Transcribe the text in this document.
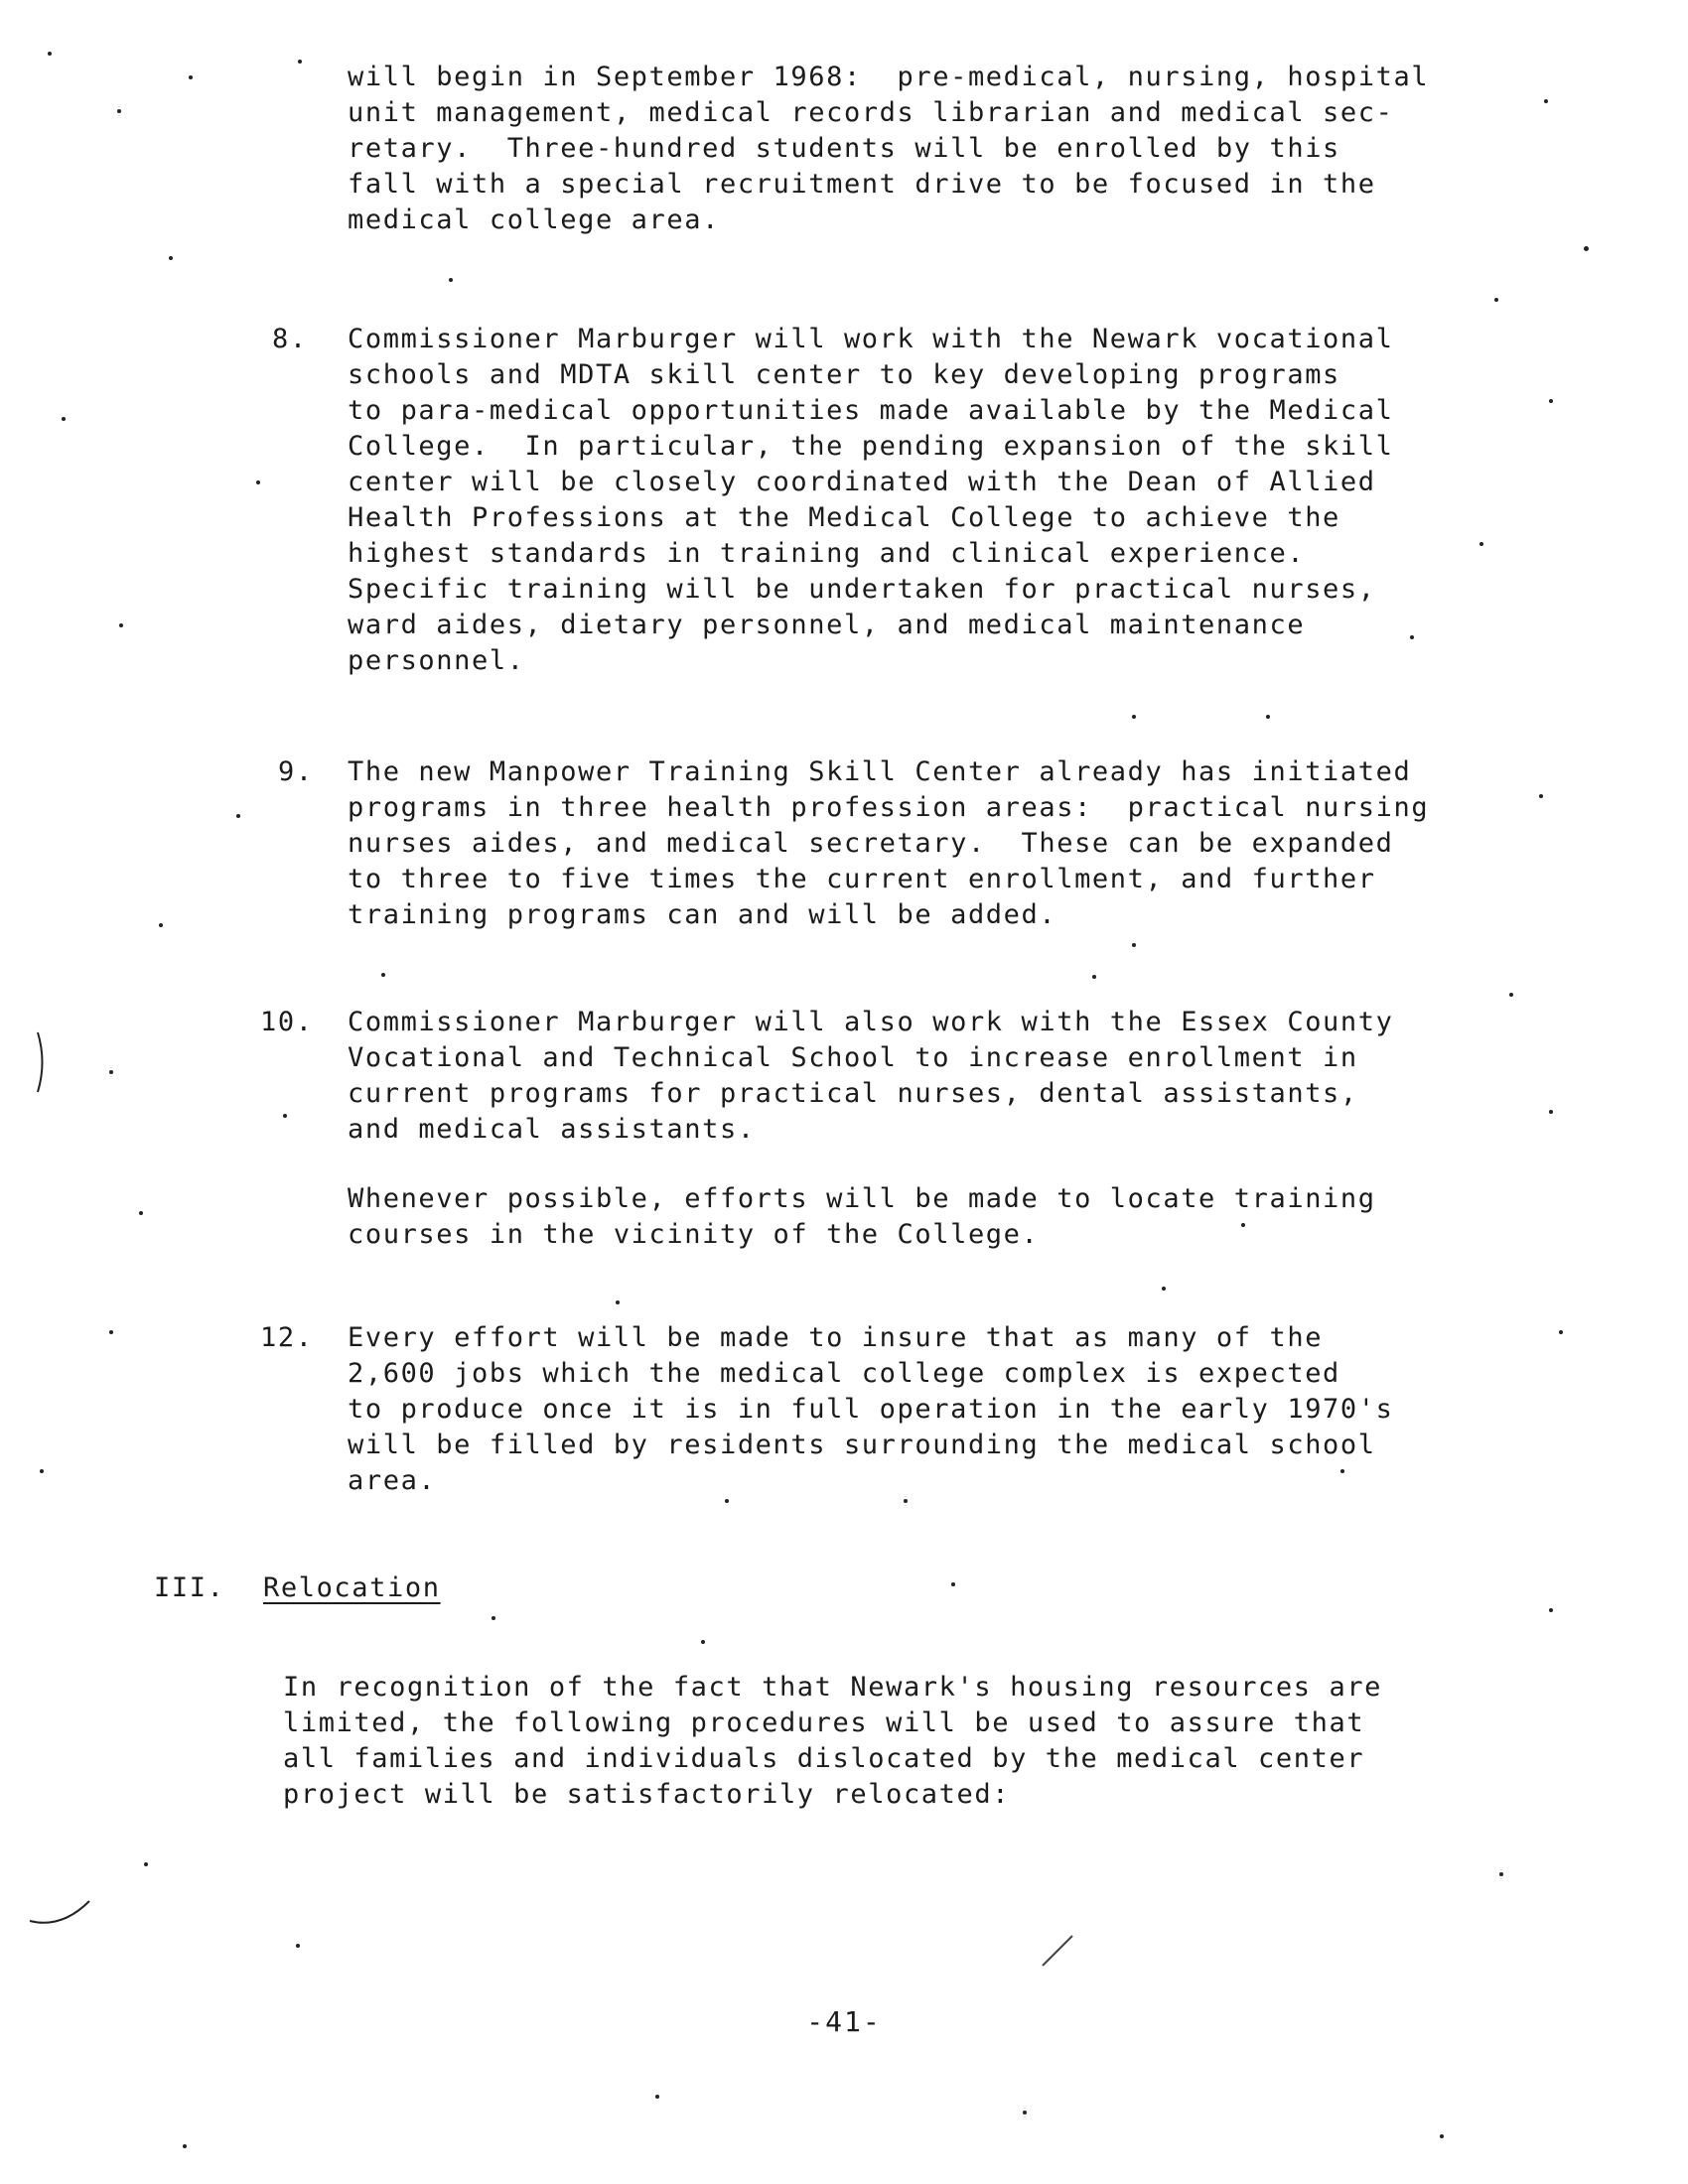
will begin in September 1968:  pre-medical, nursing, hospital
unit management, medical records librarian and medical sec-
retary.  Three-hundred students will be enrolled by this
fall with a special recruitment drive to be focused in the
medical college area.
8. Commissioner Marburger will work with the Newark vocational
schools and MDTA skill center to key developing programs
to para-medical opportunities made available by the Medical
College.  In particular, the pending expansion of the skill
center will be closely coordinated with the Dean of Allied
Health Professions at the Medical College to achieve the
highest standards in training and clinical experience.
Specific training will be undertaken for practical nurses,
ward aides, dietary personnel, and medical maintenance
personnel.
9. The new Manpower Training Skill Center already has initiated
programs in three health profession areas:  practical nursing
nurses aides, and medical secretary.  These can be expanded
to three to five times the current enrollment, and further
training programs can and will be added.
10. Commissioner Marburger will also work with the Essex County
Vocational and Technical School to increase enrollment in
current programs for practical nurses, dental assistants,
and medical assistants.
Whenever possible, efforts will be made to locate training
courses in the vicinity of the College.
12. Every effort will be made to insure that as many of the
2,600 jobs which the medical college complex is expected
to produce once it is in full operation in the early 1970's
will be filled by residents surrounding the medical school
area.
III. Relocation
In recognition of the fact that Newark's housing resources are
limited, the following procedures will be used to assure that
all families and individuals dislocated by the medical center
project will be satisfactorily relocated:
-41-
